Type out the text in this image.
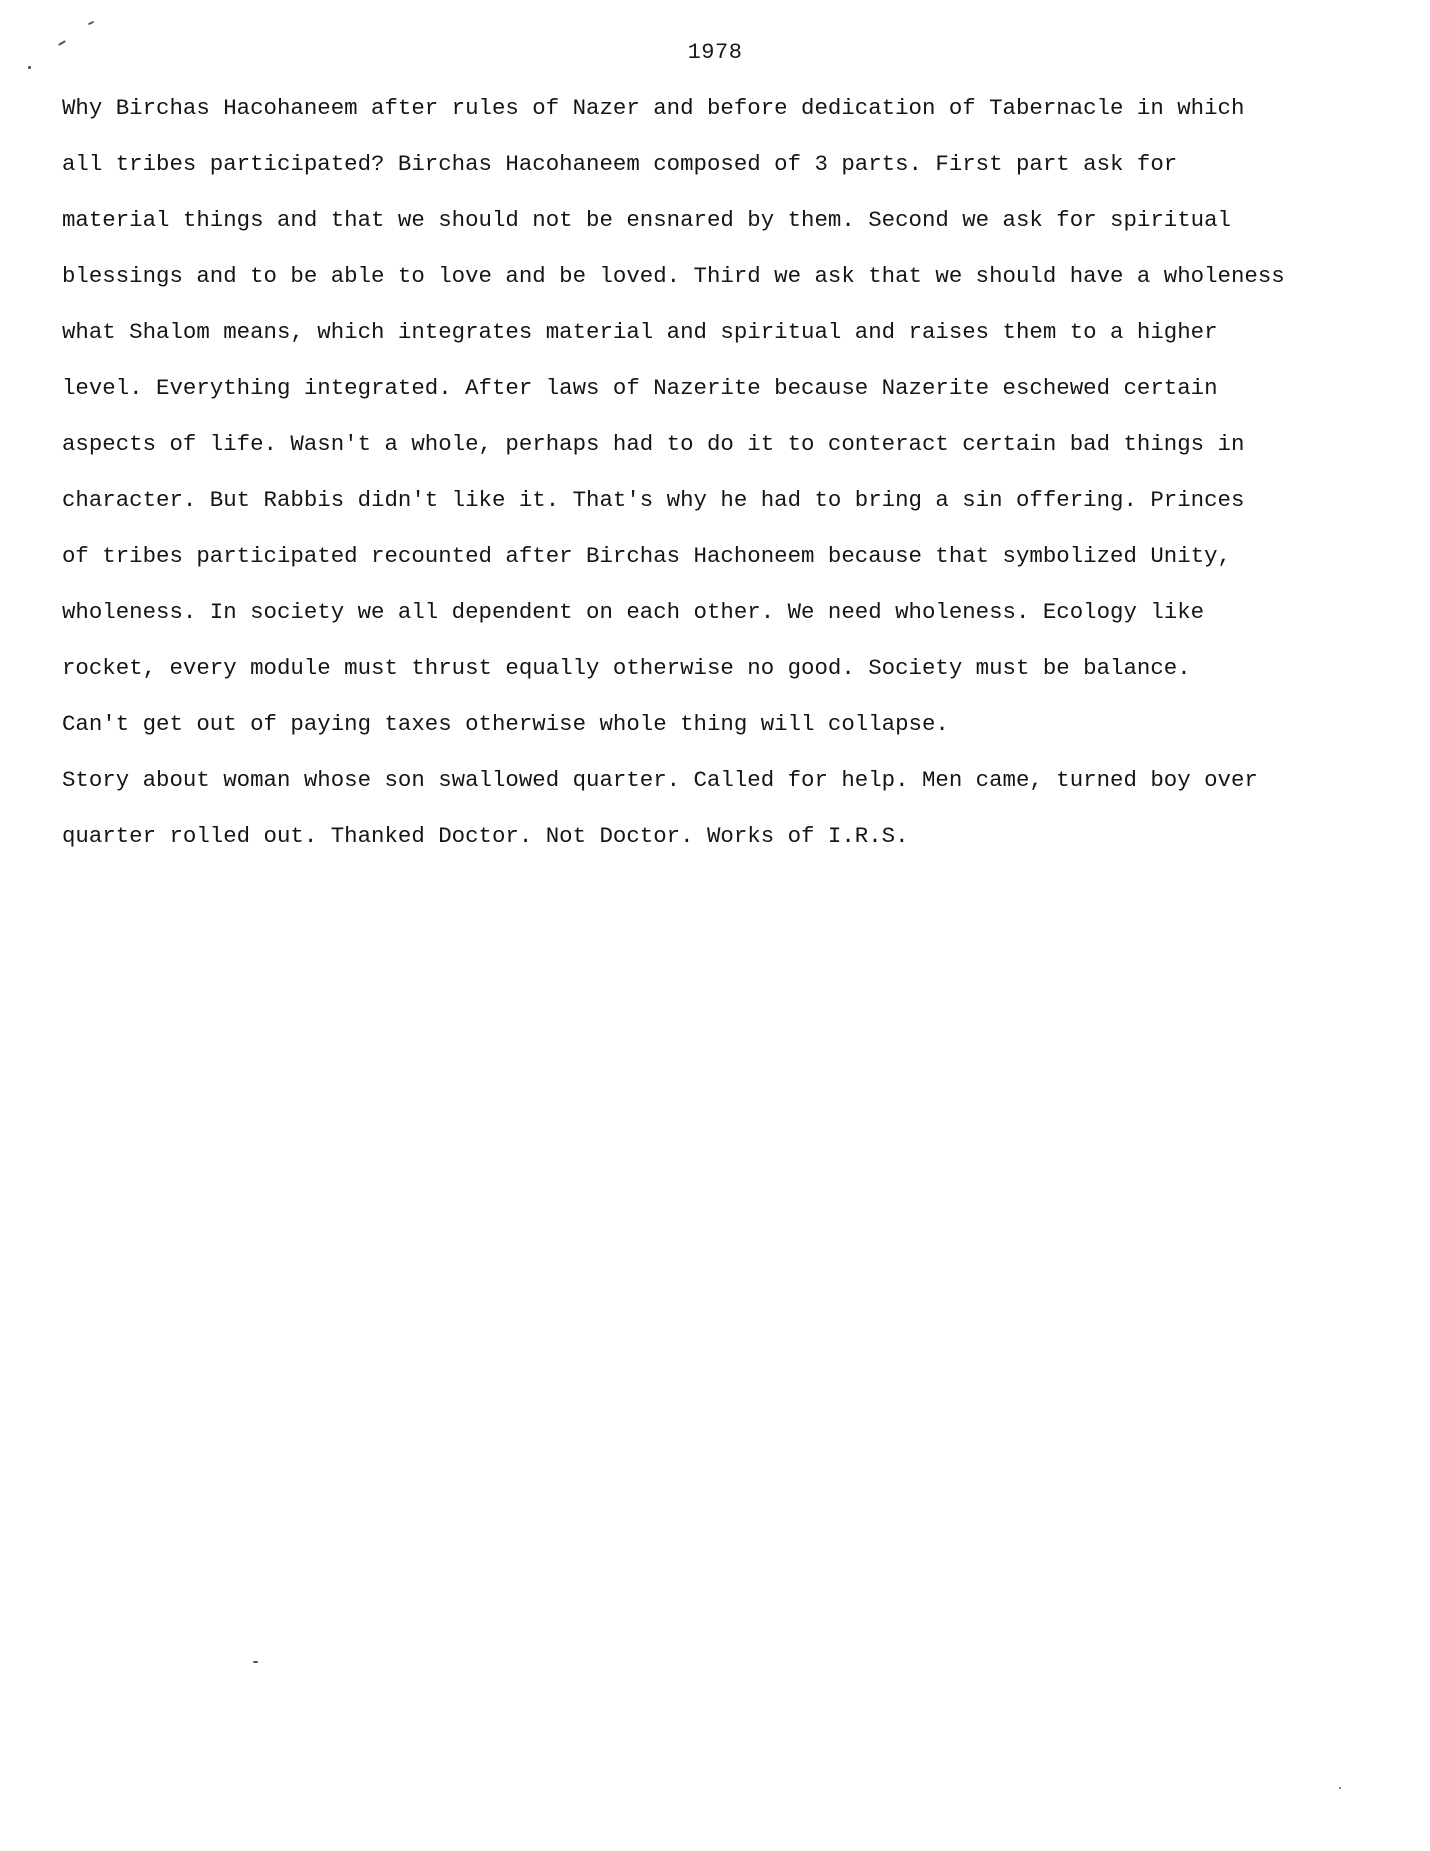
1978
Why Birchas Hacohaneem after rules of Nazer and before dedication of Tabernacle in which
all tribes participated? Birchas Hacohaneem composed of 3 parts. First part ask for
material things and that we should not be ensnared by them. Second we ask for spiritual
blessings and to be able to love and be loved. Third we ask that we should have a wholeness
what Shalom means, which integrates material and spiritual and raises them to a higher
level. Everything integrated. After laws of Nazerite because Nazerite eschewed certain
aspects of life. Wasn't a whole, perhaps had to do it to conteract certain bad things in
character. But Rabbis didn't like it. That's why he had to bring a sin offering. Princes
of tribes participated recounted after Birchas Hachoneem because that symbolized Unity,
wholeness. In society we all dependent on each other. We need wholeness. Ecology like
rocket, every module must thrust equally otherwise no good. Society must be balance.
Can't get out of paying taxes otherwise whole thing will collapse.
Story about woman whose son swallowed quarter. Called for help. Men came, turned boy over
quarter rolled out. Thanked Doctor. Not Doctor. Works of I.R.S.
